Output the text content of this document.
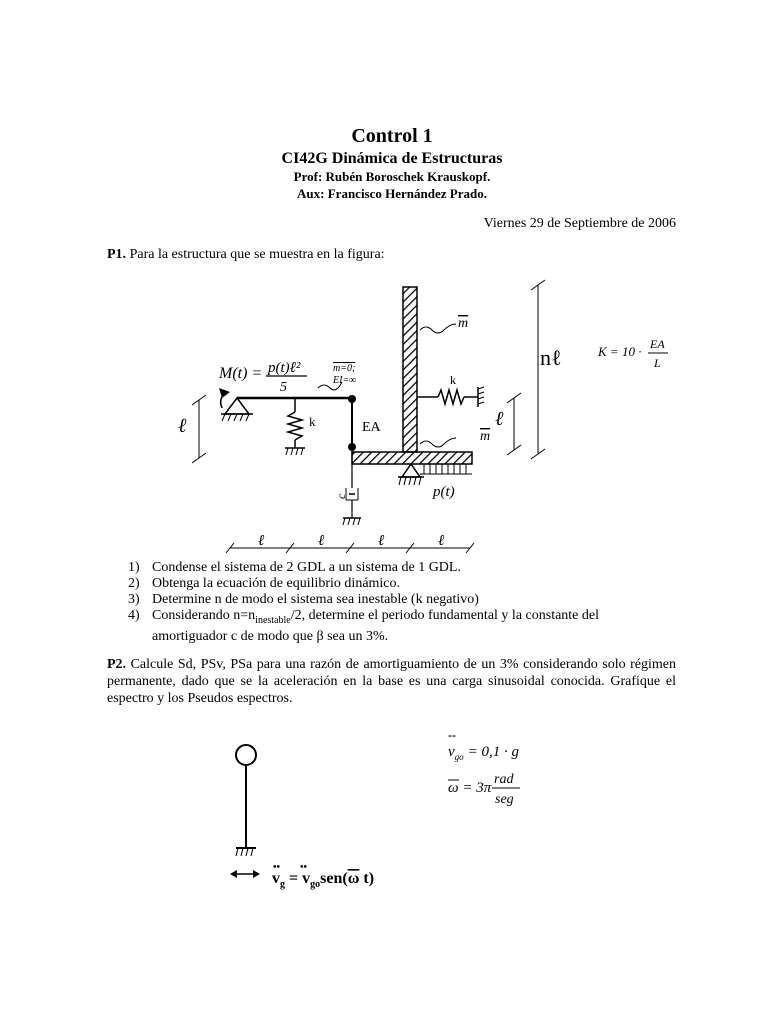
Control 1
CI42G Dinámica de Estructuras
Prof: Rubén Boroschek Krauskopf.
Aux: Francisco Hernández Prado.
Viernes 29 de Septiembre de 2006
P1. Para la estructura que se muestra en la figura:
k	EA
c
m
m
k
m=0;
EI=∞
M(t) = p(t)ℓ²
5
p(t)
ℓ	ℓ
nℓ
ℓ	ℓ	ℓ	ℓ
K = 10 · EA
L
1) Condense el sistema de 2 GDL a un sistema de 1 GDL.
2) Obtenga la ecuación de equilibrio dinámico.
3) Determine n de modo el sistema sea inestable (k negativo)
4) Considerando $n=n_{inestable}/2$, determine el periodo fundamental y la constante del
amortiguador c de modo que β sea un 3%.
P2. Calcule Sd, PSv, PSa para una razón de amortiguamiento de un 3% considerando solo régimen permanente, dado que se la aceleración en la base es una carga sinusoidal conocida. Grafique el espectro y los Pseudos espectros.
$v_g = v_{go}sen(\omega$ t)
•• ••
**
$v_{go} = 0,1 \cdot g$
ω = 3π
rad
seg
